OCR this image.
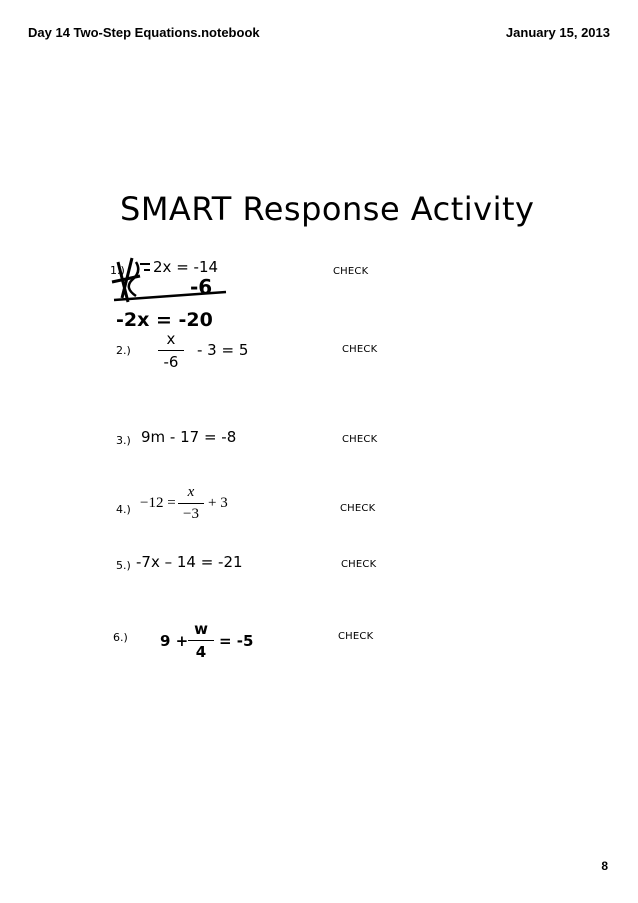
Day 14 Two-Step Equations.notebook	January 15, 2013
SMART Response Activity
1.) 2x = -14	CHECK
-6
-2x = -20
2.)
x
-6
- 3 = 5	CHECK
3.) 9m - 17 = -8	CHECK
4.) −12 =
x
−3
+ 3	CHECK
5.) -7x – 14 = -21	CHECK
6.) 9 +
w
4
= -5	CHECK
8
